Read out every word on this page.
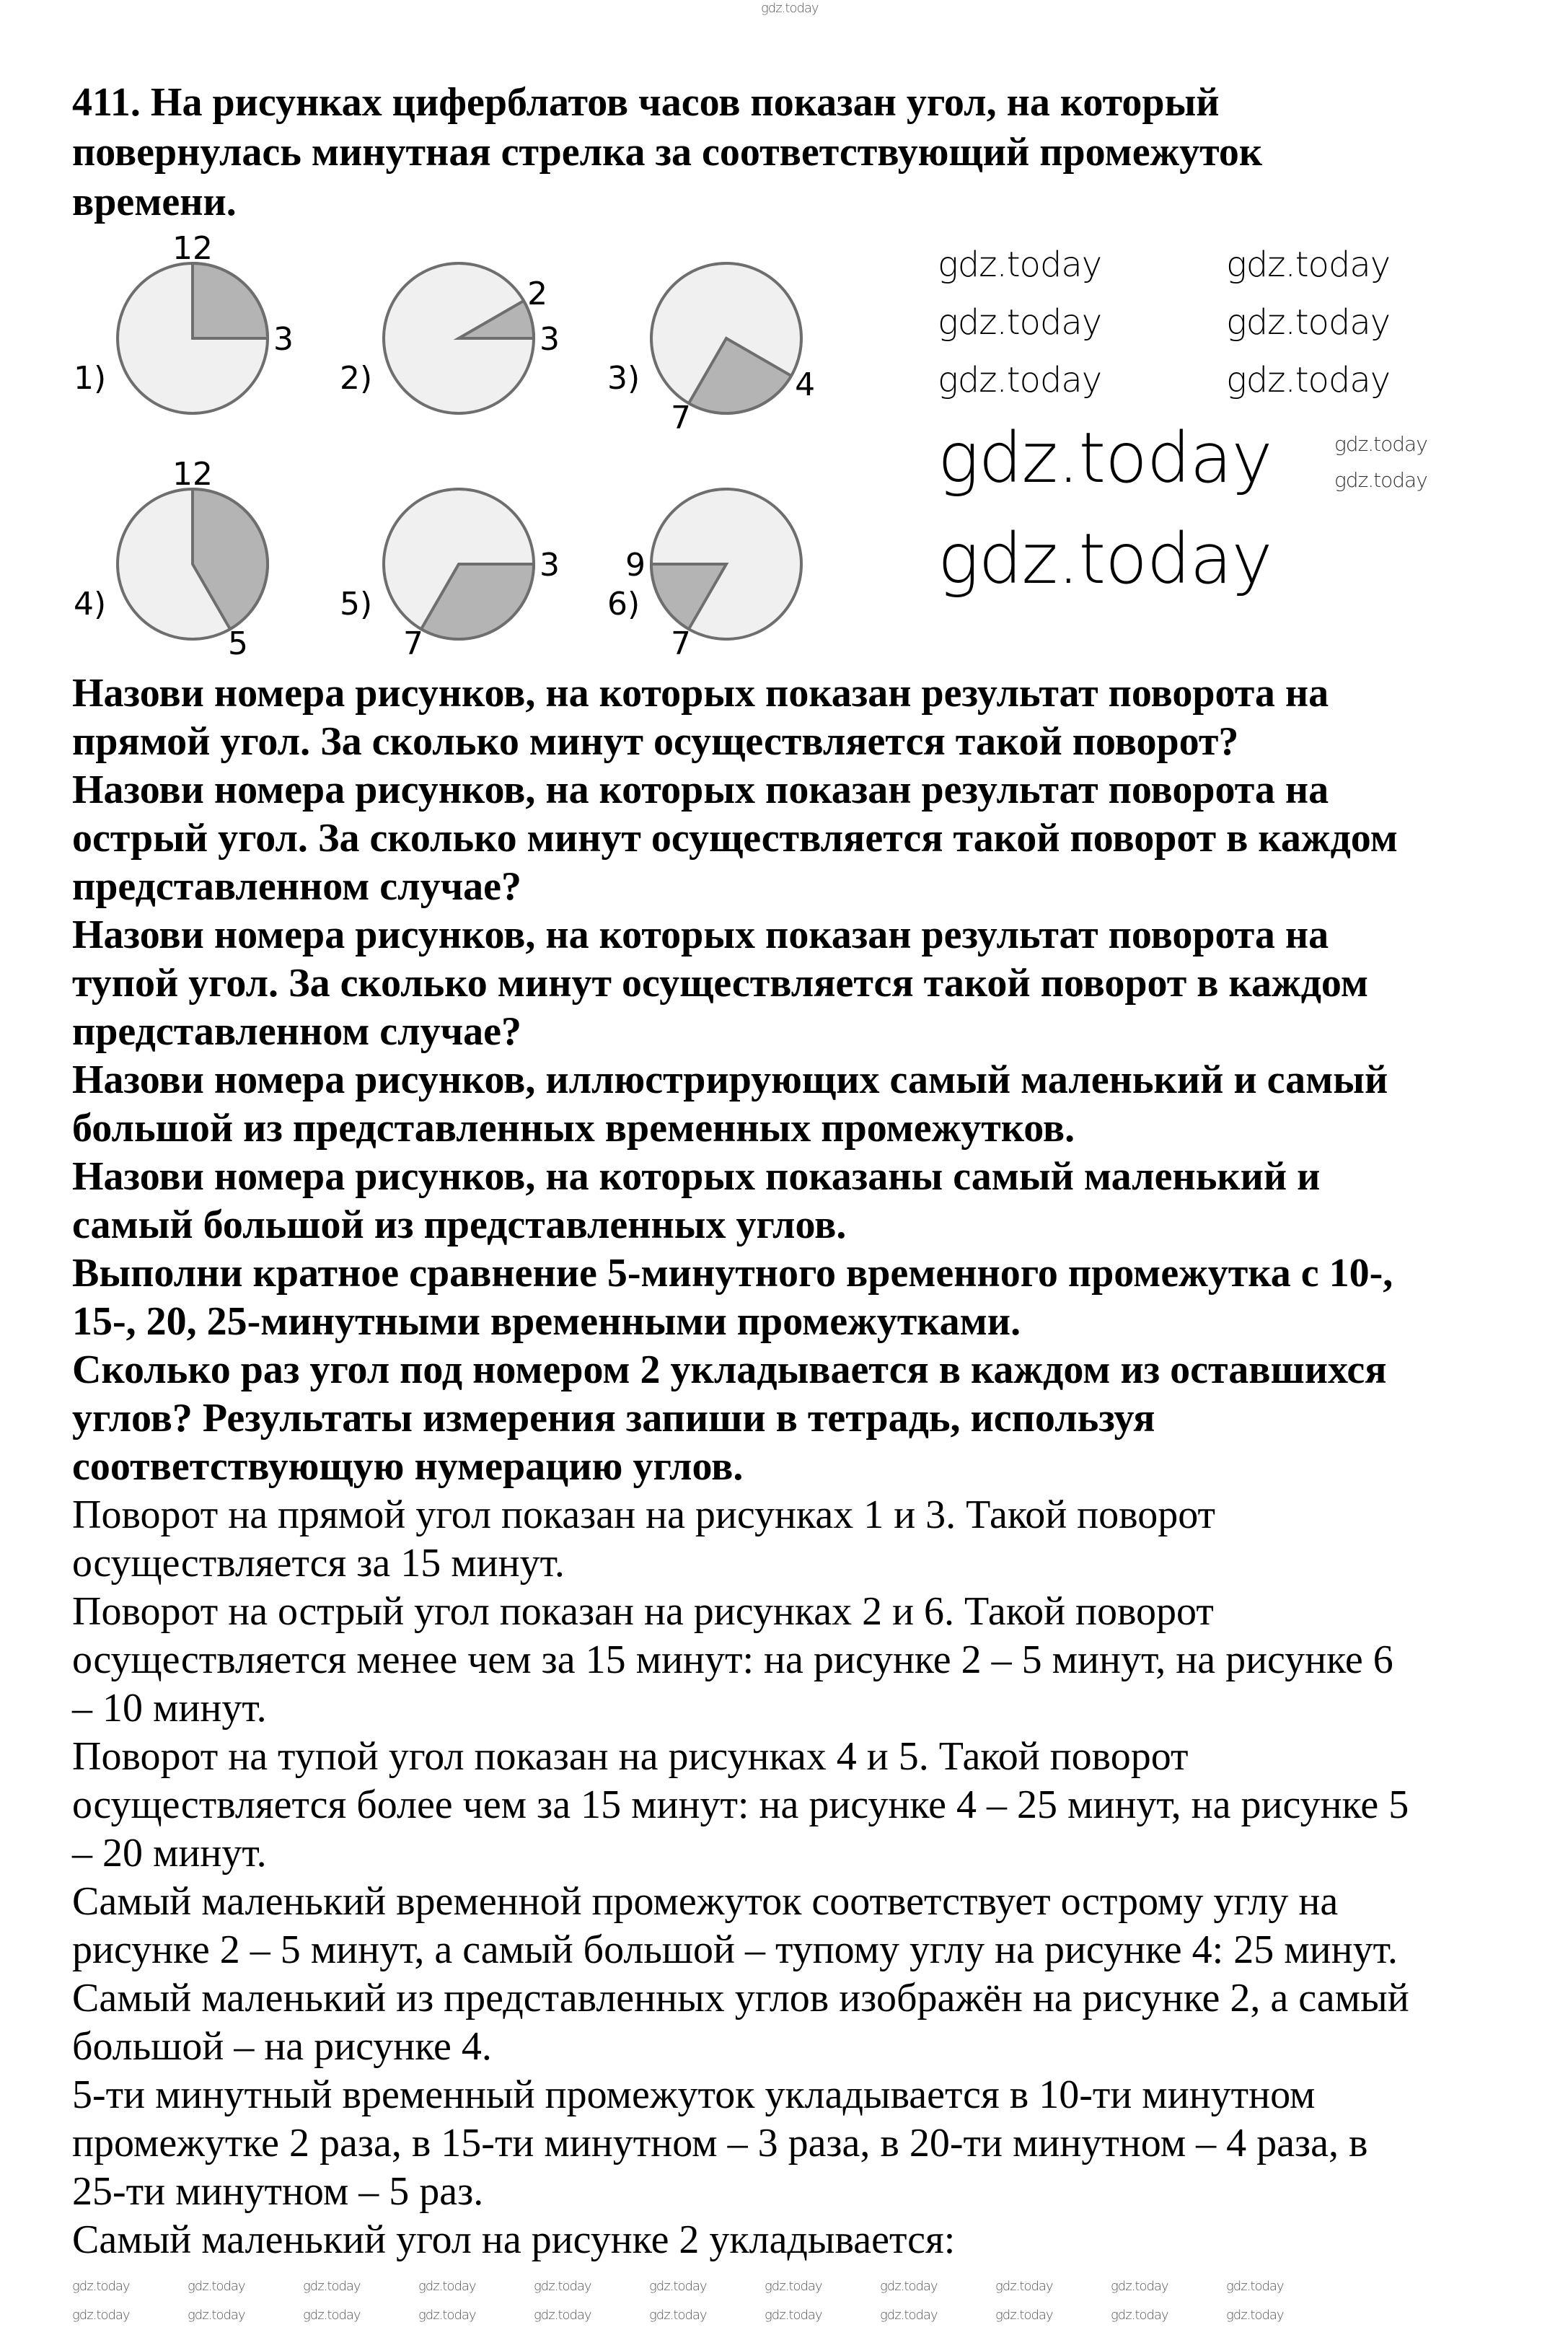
411. На рисунках циферблатов часов показан угол, на который
повернулась минутная стрелка за соответствующий промежуток
времени.
12
3
1)
2
3
2)	4
7
3)
12
5
4)
3
7
5)
7
9
6)
Назови номера рисунков, на которых показан результат поворота на
прямой угол. За сколько минут осуществляется такой поворот?
Назови номера рисунков, на которых показан результат поворота на
острый угол. За сколько минут осуществляется такой поворот в каждом
представленном случае?
Назови номера рисунков, на которых показан результат поворота на
тупой угол. За сколько минут осуществляется такой поворот в каждом
представленном случае?
Назови номера рисунков, иллюстрирующих самый маленький и самый
большой из представленных временных промежутков.
Назови номера рисунков, на которых показаны самый маленький и
самый большой из представленных углов.
Выполни кратное сравнение 5-минутного временного промежутка с 10-,
15-, 20, 25-минутными временными промежутками.
Сколько раз угол под номером 2 укладывается в каждом из оставшихся
углов? Результаты измерения запиши в тетрадь, используя
соответствующую нумерацию углов.
Поворот на прямой угол показан на рисунках 1 и 3. Такой поворот
осуществляется за 15 минут.
Поворот на острый угол показан на рисунках 2 и 6. Такой поворот
осуществляется менее чем за 15 минут: на рисунке 2 – 5 минут, на рисунке 6
– 10 минут.
Поворот на тупой угол показан на рисунках 4 и 5. Такой поворот
осуществляется более чем за 15 минут: на рисунке 4 – 25 минут, на рисунке 5
– 20 минут.
Самый маленький временной промежуток соответствует острому углу на
рисунке 2 – 5 минут, а самый большой – тупому углу на рисунке 4: 25 минут.
Самый маленький из представленных углов изображён на рисунке 2, а самый
большой – на рисунке 4.
5-ти минутный временный промежуток укладывается в 10-ти минутном
промежутке 2 раза, в 15-ти минутном – 3 раза, в 20-ти минутном – 4 раза, в
25-ти минутном – 5 раз.
Самый маленький угол на рисунке 2 укладывается:
gdz.today
gdz.today
gdz.today
gdz.today
gdz.today
gdz.today
gdz.today
gdz.today	gdz.today	gdz.today	gdz.today	gdz.today	gdz.today	gdz.today	gdz.today	gdz.today	gdz.today
gdz.today
gdz.today	gdz.today	gdz.today	gdz.today	gdz.today
gdz.today
gdz.today
gdz.today
gdz.today	gdz.today
gdz.today
gdz.today
gdz.today
gdz.today	gdz.today
